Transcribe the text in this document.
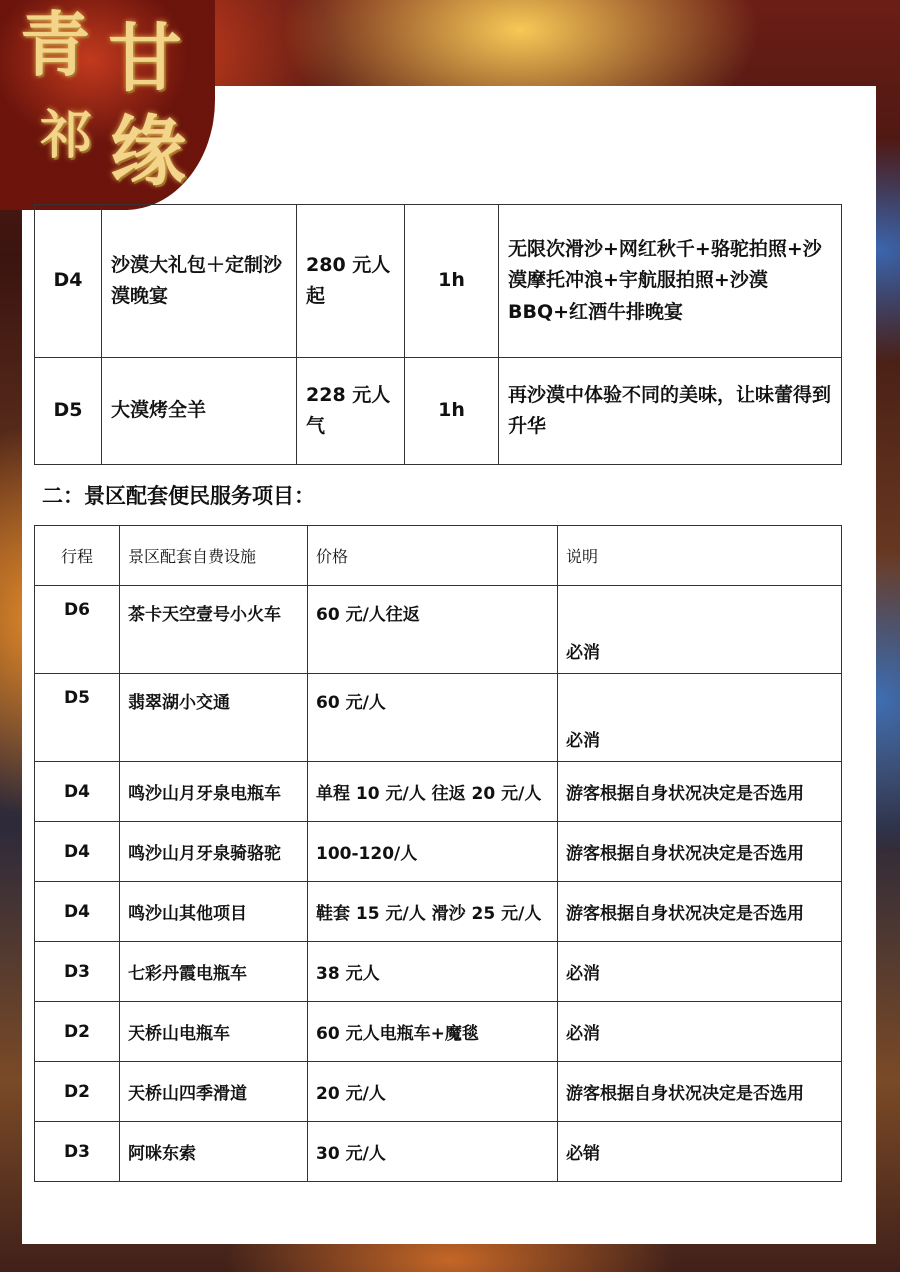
青 甘
祁 缘
D4	沙漠大礼包＋定制沙漠晚宴	280 元人起	1h	无限次滑沙+网红秋千+骆驼拍照+沙漠摩托冲浪+宇航服拍照+沙漠 BBQ+红酒牛排晚宴
D5	大漠烤全羊	228 元人气	1h	再沙漠中体验不同的美味，让味蕾得到升华
二：景区配套便民服务项目：
行程	景区配套自费设施	价格	说明
D6	茶卡天空壹号小火车	60 元/人往返	必消
D5	翡翠湖小交通	60 元/人	必消
D4	鸣沙山月牙泉电瓶车	单程 10 元/人 往返 20 元/人	游客根据自身状况决定是否选用
D4	鸣沙山月牙泉骑骆驼	100-120/人	游客根据自身状况决定是否选用
D4	鸣沙山其他项目	鞋套 15 元/人 滑沙 25 元/人	游客根据自身状况决定是否选用
D3	七彩丹霞电瓶车	38 元人	必消
D2	天桥山电瓶车	60 元人电瓶车+魔毯	必消
D2	天桥山四季滑道	20 元/人	游客根据自身状况决定是否选用
D3	阿咪东索	30 元/人	必销
